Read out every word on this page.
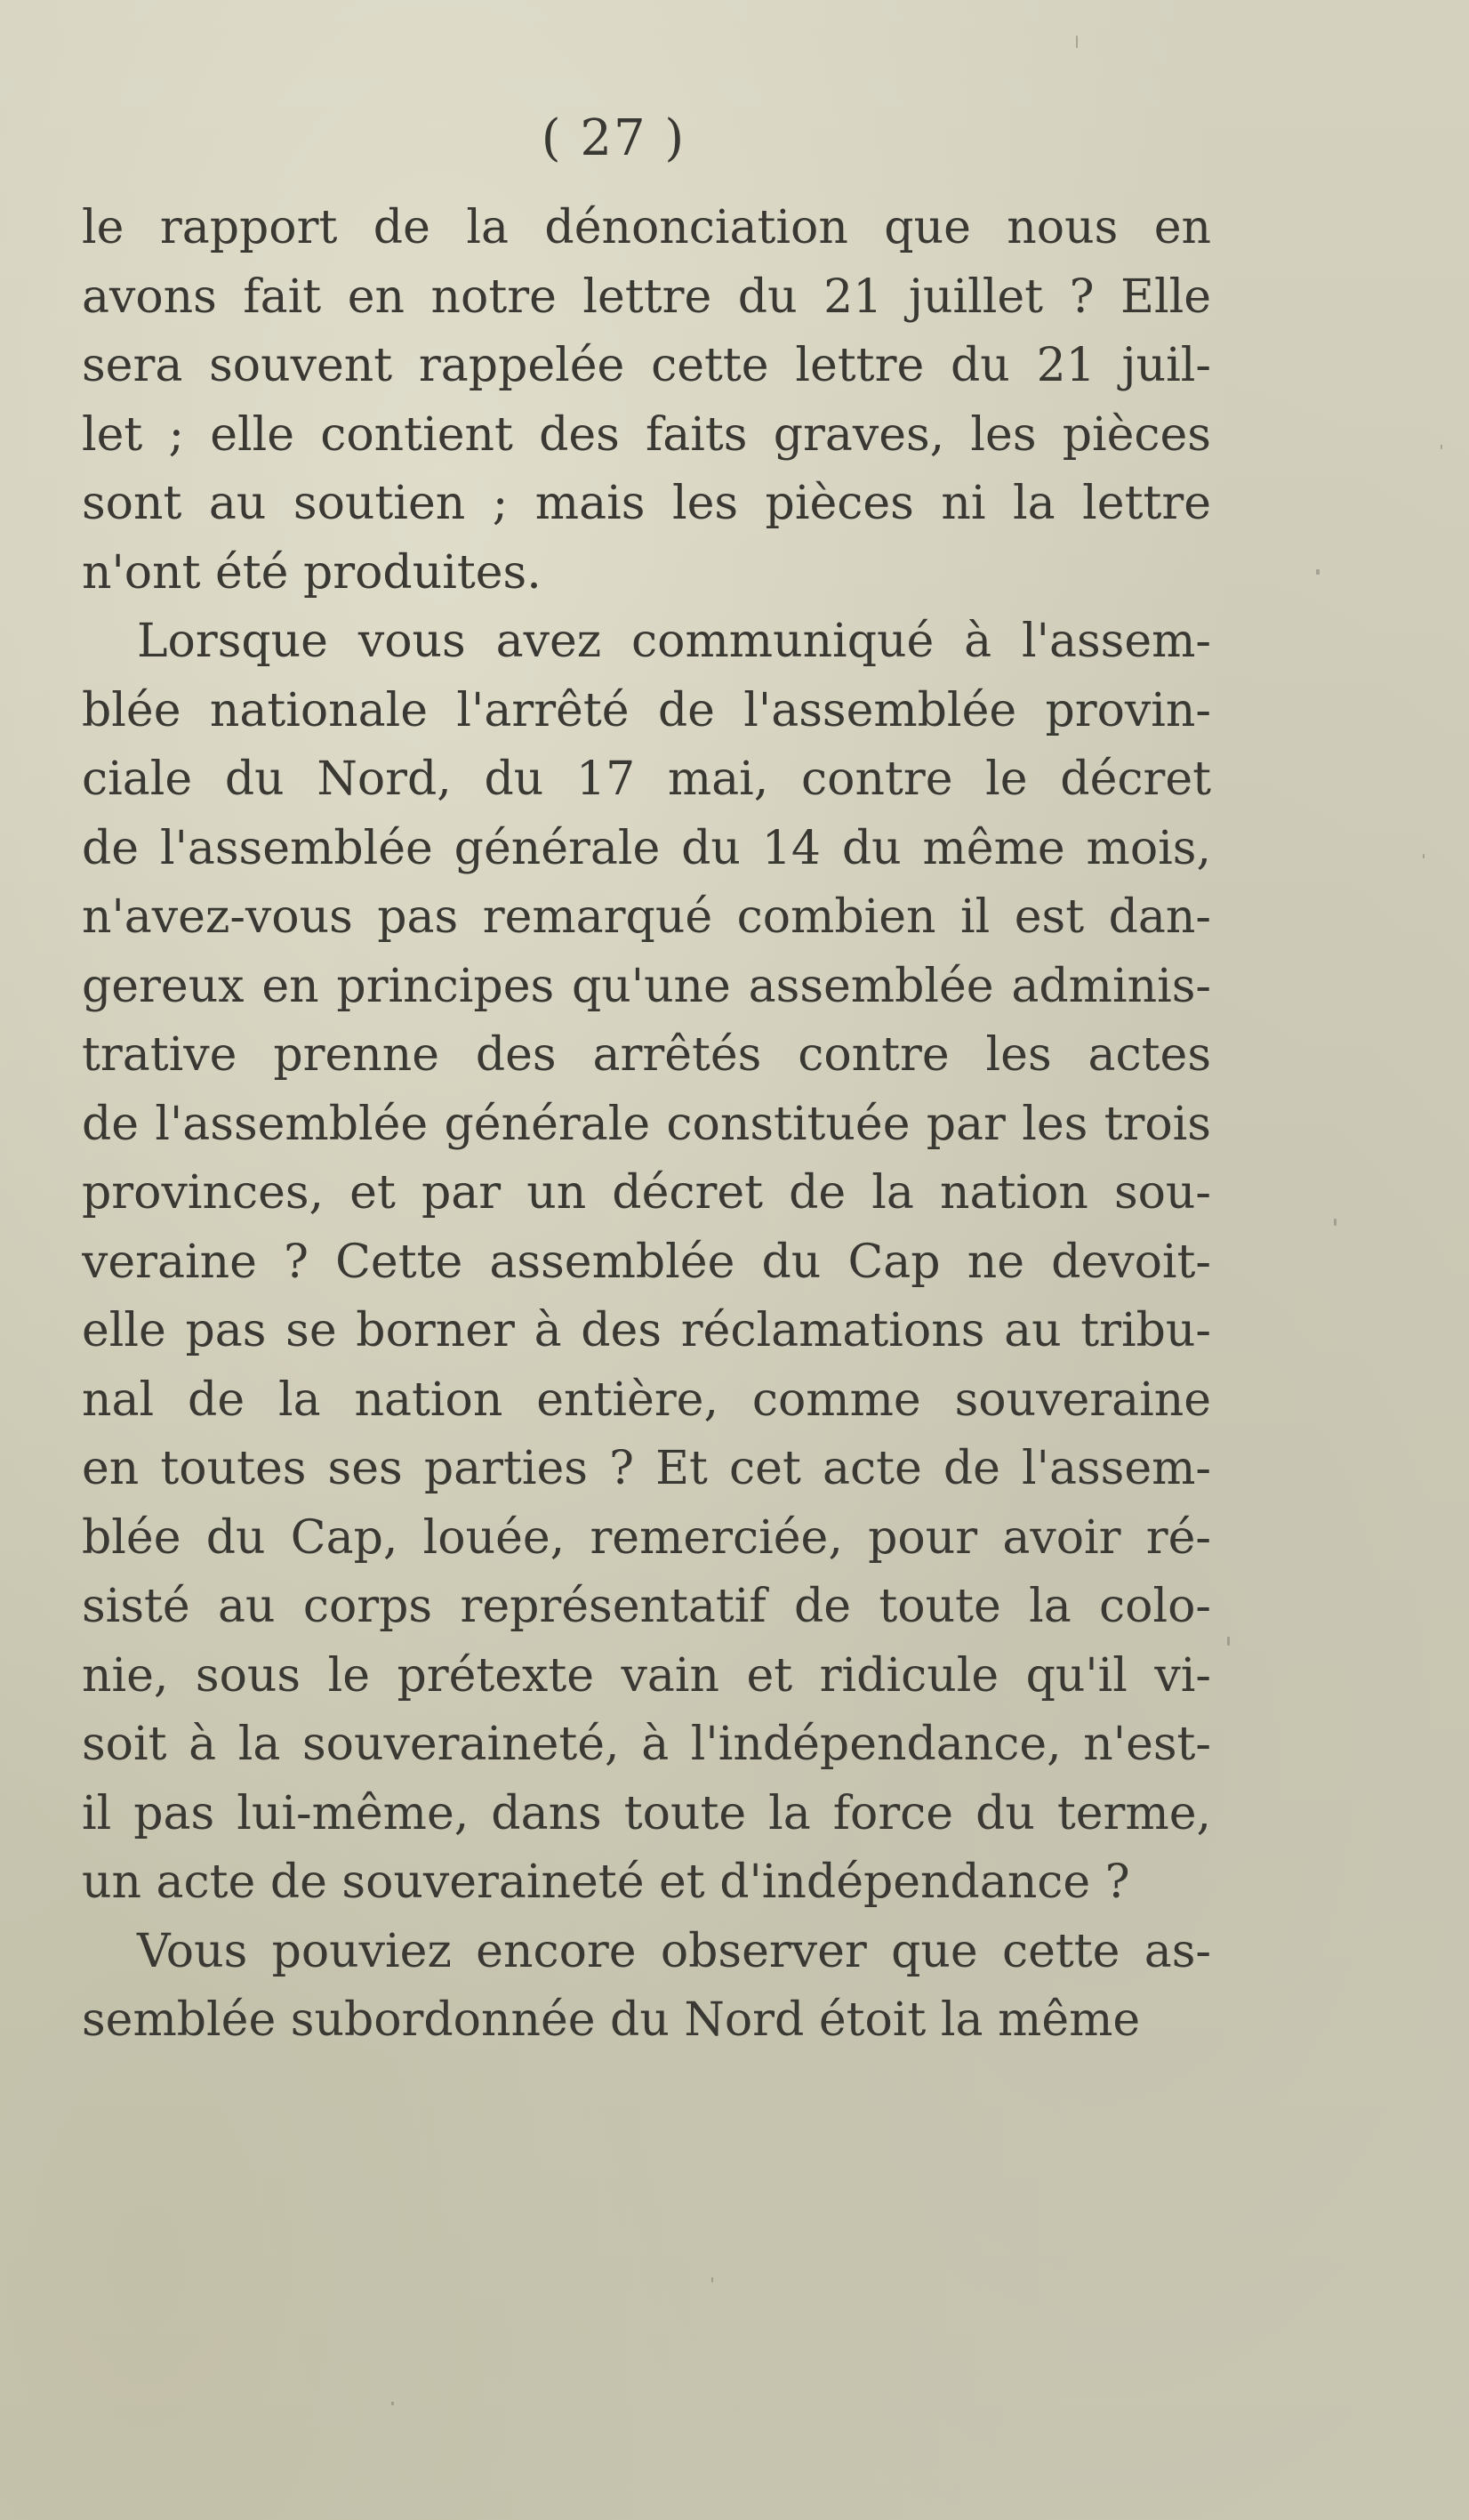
( 27 )
le rapport de la dénonciation que nous en
avons fait en notre lettre du 21 juillet ? Elle
sera souvent rappelée cette lettre du 21 juil-
let ; elle contient des faits graves, les pièces
sont au soutien ; mais les pièces ni la lettre
n'ont été produites.
Lorsque vous avez communiqué à l'assem-
blée nationale l'arrêté de l'assemblée provin-
ciale du Nord, du 17 mai, contre le décret
de l'assemblée générale du 14 du même mois,
n'avez-vous pas remarqué combien il est dan-
gereux en principes qu'une assemblée adminis-
trative prenne des arrêtés contre les actes
de l'assemblée générale constituée par les trois
provinces, et par un décret de la nation sou-
veraine ? Cette assemblée du Cap ne devoit-
elle pas se borner à des réclamations au tribu-
nal de la nation entière, comme souveraine
en toutes ses parties ? Et cet acte de l'assem-
blée du Cap, louée, remerciée, pour avoir ré-
sisté au corps représentatif de toute la colo-
nie, sous le prétexte vain et ridicule qu'il vi-
soit à la souveraineté, à l'indépendance, n'est-
il pas lui-même, dans toute la force du terme,
un acte de souveraineté et d'indépendance ?
Vous pouviez encore observer que cette as-
semblée subordonnée du Nord étoit la même
